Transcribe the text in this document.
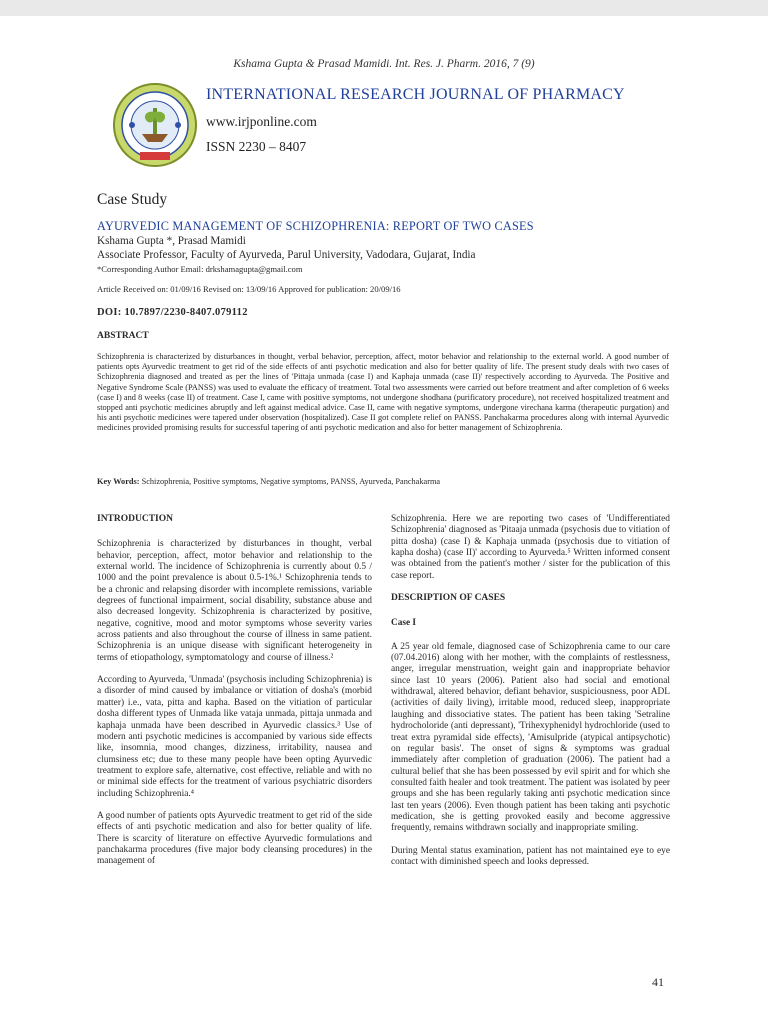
Kshama Gupta & Prasad Mamidi. Int. Res. J. Pharm. 2016, 7 (9)
INTERNATIONAL RESEARCH JOURNAL OF PHARMACY
www.irjponline.com
ISSN 2230 – 8407
Case Study
AYURVEDIC MANAGEMENT OF SCHIZOPHRENIA: REPORT OF TWO CASES
Kshama Gupta *, Prasad Mamidi
Associate Professor, Faculty of Ayurveda, Parul University, Vadodara, Gujarat, India
*Corresponding Author Email: drkshamagupta@gmail.com
Article Received on: 01/09/16 Revised on: 13/09/16 Approved for publication: 20/09/16
DOI: 10.7897/2230-8407.079112
ABSTRACT
Schizophrenia is characterized by disturbances in thought, verbal behavior, perception, affect, motor behavior and relationship to the external world. A good number of patients opts Ayurvedic treatment to get rid of the side effects of anti psychotic medication and also for better quality of life. The present study deals with two cases of Schizophrenia diagnosed and treated as per the lines of 'Pittaja unmada (case I) and Kaphaja unmada (case II)' respectively according to Ayurveda. The Positive and Negative Syndrome Scale (PANSS) was used to evaluate the efficacy of treatment. Total two assessments were carried out before treatment and after completion of 6 weeks (case I) and 8 weeks (case II) of treatment. Case I, came with positive symptoms, not undergone shodhana (purificatory procedure), not received hospitalized treatment and stopped anti psychotic medicines abruptly and left against medical advice. Case II, came with negative symptoms, undergone virechana karma (therapeutic purgation) and his anti psychotic medicines were tapered under observation (hospitalized). Case II got complete relief on PANSS. Panchakarma procedures along with internal Ayurvedic medicines provided promising results for successful tapering of anti psychotic medication and also for better management of Schizophrenia.
Key Words: Schizophrenia, Positive symptoms, Negative symptoms, PANSS, Ayurveda, Panchakarma
INTRODUCTION

Schizophrenia is characterized by disturbances in thought, verbal behavior, perception, affect, motor behavior and relationship to the external world. The incidence of Schizophrenia is currently about 0.5 / 1000 and the point prevalence is about 0.5-1%.¹ Schizophrenia tends to be a chronic and relapsing disorder with incomplete remissions, variable degrees of functional impairment, social disability, substance abuse and also decreased longevity. Schizophrenia is characterized by positive, negative, cognitive, mood and motor symptoms whose severity varies across patients and also throughout the course of illness in same patient. Schizophrenia is an unique disease with significant heterogeneity in terms of etiopathology, symptomatology and course of illness.²

According to Ayurveda, 'Unmada' (psychosis including Schizophrenia) is a disorder of mind caused by imbalance or vitiation of dosha's (morbid matter) i.e., vata, pitta and kapha. Based on the vitiation of particular dosha different types of Unmada like vataja unmada, pittaja unmada and kaphaja unmada have been described in Ayurvedic classics.³ Use of modern anti psychotic medicines is accompanied by various side effects like, insomnia, mood changes, dizziness, irritability, nausea and clumsiness etc; due to these many people have been opting Ayurvedic treatment to explore safe, alternative, cost effective, reliable and with no or minimal side effects for the treatment of various psychiatric disorders including Schizophrenia.⁴

A good number of patients opts Ayurvedic treatment to get rid of the side effects of anti psychotic medication and also for better quality of life. There is scarcity of literature on effective Ayurvedic formulations and panchakarma procedures (five major body cleansing procedures) in the management of

Schizophrenia. Here we are reporting two cases of 'Undifferentiated Schizophrenia' diagnosed as 'Pitaaja unmada (psychosis due to vitiation of pitta dosha) (case I) & Kaphaja unmada (psychosis due to vitiation of kapha dosha) (case II)' according to Ayurveda.⁵ Written informed consent was obtained from the patient's mother / sister for the publication of this case report.

DESCRIPTION OF CASES
Case I

A 25 year old female, diagnosed case of Schizophrenia came to our care (07.04.2016) along with her mother, with the complaints of restlessness, anger, irregular menstruation, weight gain and inappropriate behavior since last 10 years (2006). Patient also had social and emotional withdrawal, altered behavior, defiant behavior, suspiciousness, poor ADL (activities of daily living), irritable mood, reduced sleep, inappropriate laughing and dissociative states. The patient has been taking 'Setraline hydrocholoride (anti depressant), 'Trihexyphenidyl hydrochloride (used to treat extra pyramidal side effects), 'Amisulpride (atypical antipsychotic) on regular basis'. The onset of signs & symptoms was gradual immediately after completion of graduation (2006). The patient had a cultural belief that she has been possessed by evil spirit and for which she consulted faith healer and took treatment. The patient was isolated by peer groups and she has been regularly taking anti psychotic medication since last ten years (2006). Even though patient has been taking anti psychotic medication, she is getting provoked easily and become aggressive frequently, remains withdrawn socially and inappropriate smiling.

During Mental status examination, patient has not maintained eye to eye contact with diminished speech and looks depressed.

41
